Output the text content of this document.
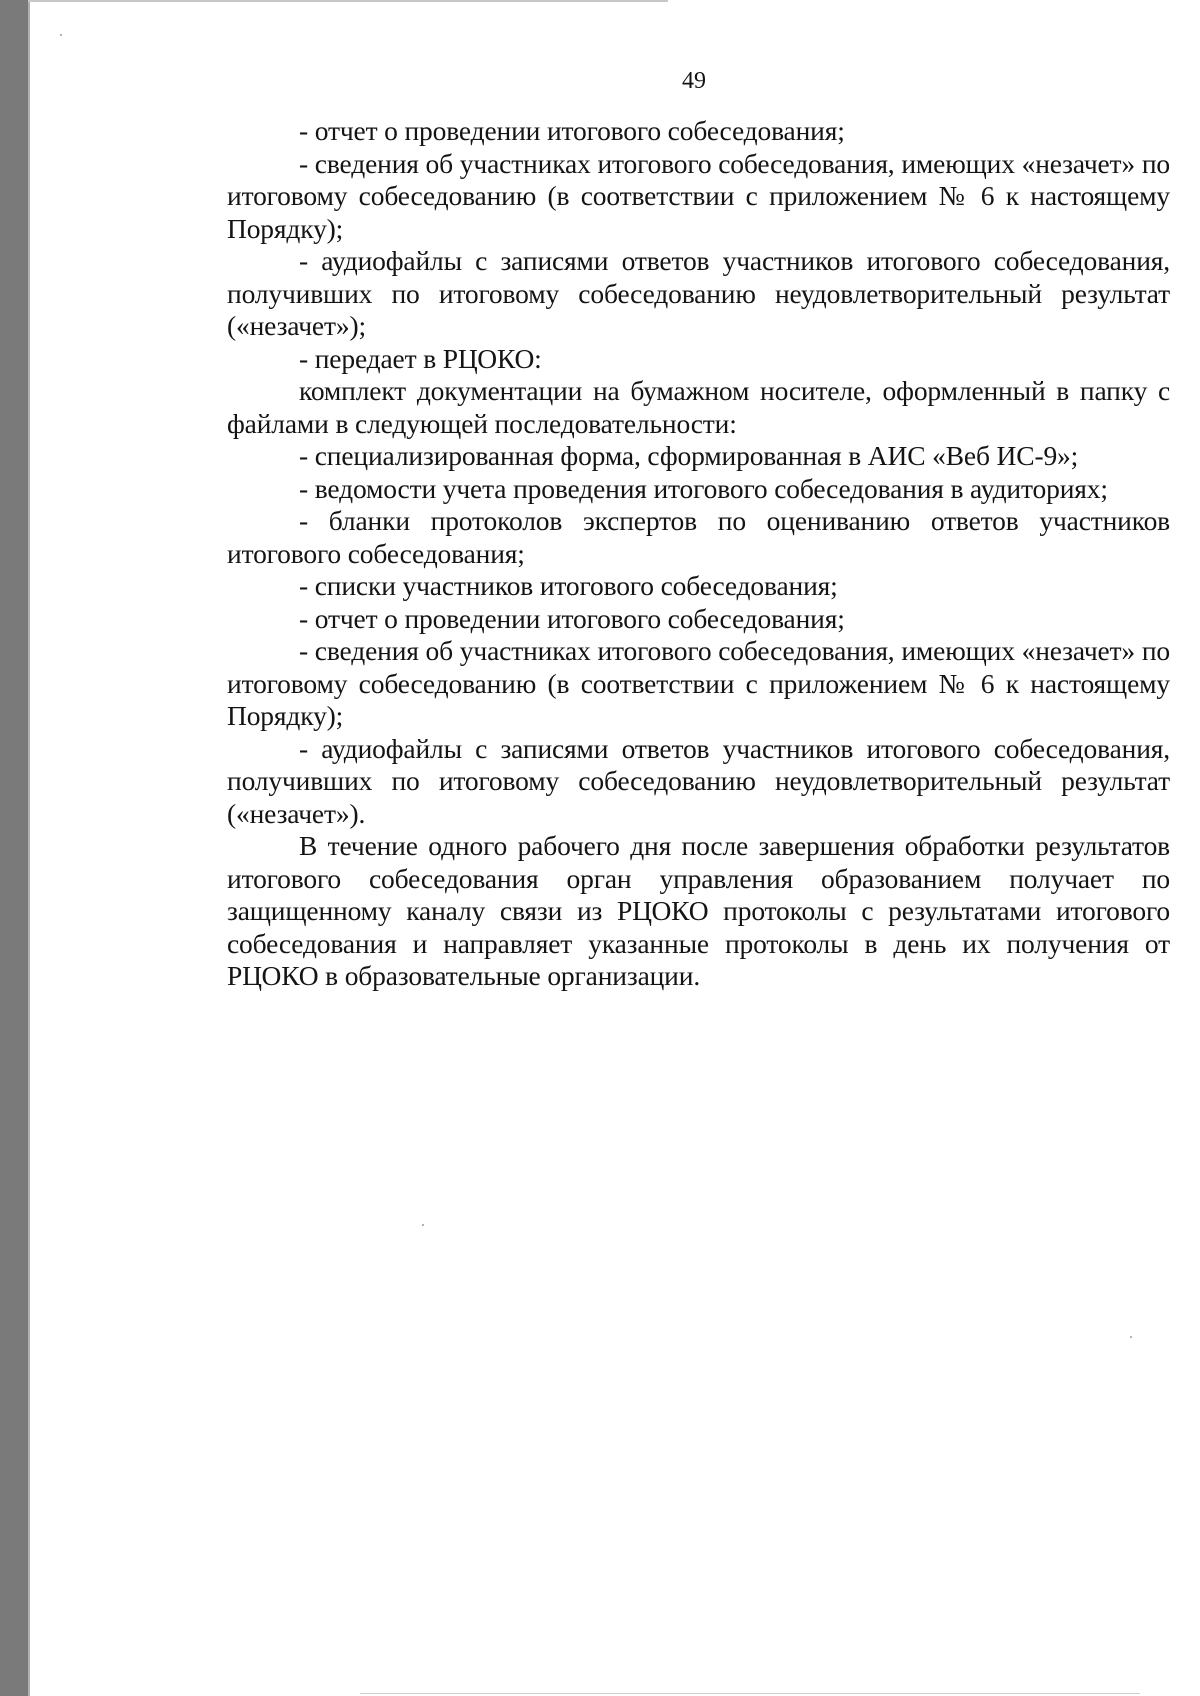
49

- отчет о проведении итогового собеседования;

- сведения об участниках итогового собеседования, имеющих «незачет» по итоговому собеседованию (в соответствии с приложением № 6 к настоящему Порядку);

- аудиофайлы с записями ответов участников итогового собеседования, получивших по итоговому собеседованию неудовлетворительный результат («незачет»);

- передает в РЦОКО:

комплект документации на бумажном носителе, оформленный в папку с файлами в следующей последовательности:

- специализированная форма, сформированная в АИС «Веб ИС-9»;

- ведомости учета проведения итогового собеседования в аудиториях;

- бланки протоколов экспертов по оцениванию ответов участников итогового собеседования;

- списки участников итогового собеседования;

- отчет о проведении итогового собеседования;

- сведения об участниках итогового собеседования, имеющих «незачет» по итоговому собеседованию (в соответствии с приложением № 6 к настоящему Порядку);

- аудиофайлы с записями ответов участников итогового собеседования, получивших по итоговому собеседованию неудовлетворительный результат («незачет»).

В течение одного рабочего дня после завершения обработки результатов итогового собеседования орган управления образованием получает по защищенному каналу связи из РЦОКО протоколы с результатами итогового собеседования и направляет указанные протоколы в день их получения от РЦОКО в образовательные организации.
